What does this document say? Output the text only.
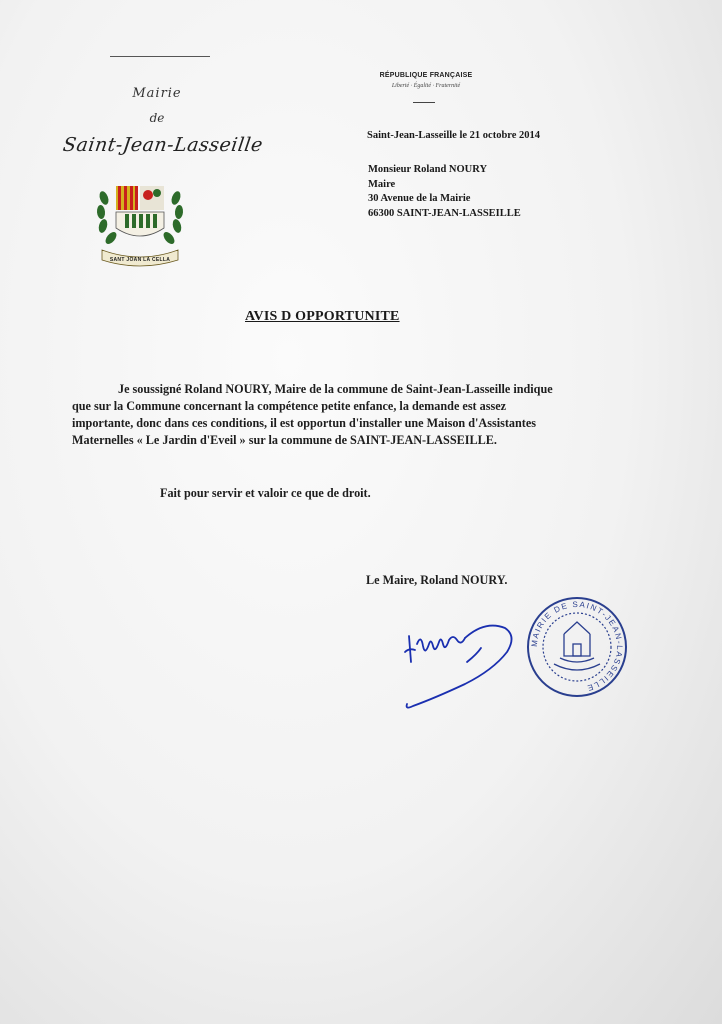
Mairie
de
Saint-Jean-Lasseille
SANT JOAN LA CELLA
RÉPUBLIQUE FRANÇAISE
Liberté · Égalité · Fraternité
Saint-Jean-Lasseille le 21 octobre 2014
Monsieur Roland NOURY
Maire
30 Avenue de la Mairie
66300 SAINT-JEAN-LASSEILLE
AVIS D OPPORTUNITE
Je soussigné Roland NOURY, Maire de la commune de Saint-Jean-Lasseille indique
que sur la Commune concernant la compétence petite enfance, la demande est assez
importante, donc dans ces conditions, il est opportun d'installer une Maison d'Assistantes
Maternelles « Le Jardin d'Eveil » sur la commune de SAINT-JEAN-LASSEILLE.
Fait pour servir et valoir ce que de droit.
Le Maire, Roland NOURY.
MAIRIE DE SAINT-JEAN-LASSEILLE
